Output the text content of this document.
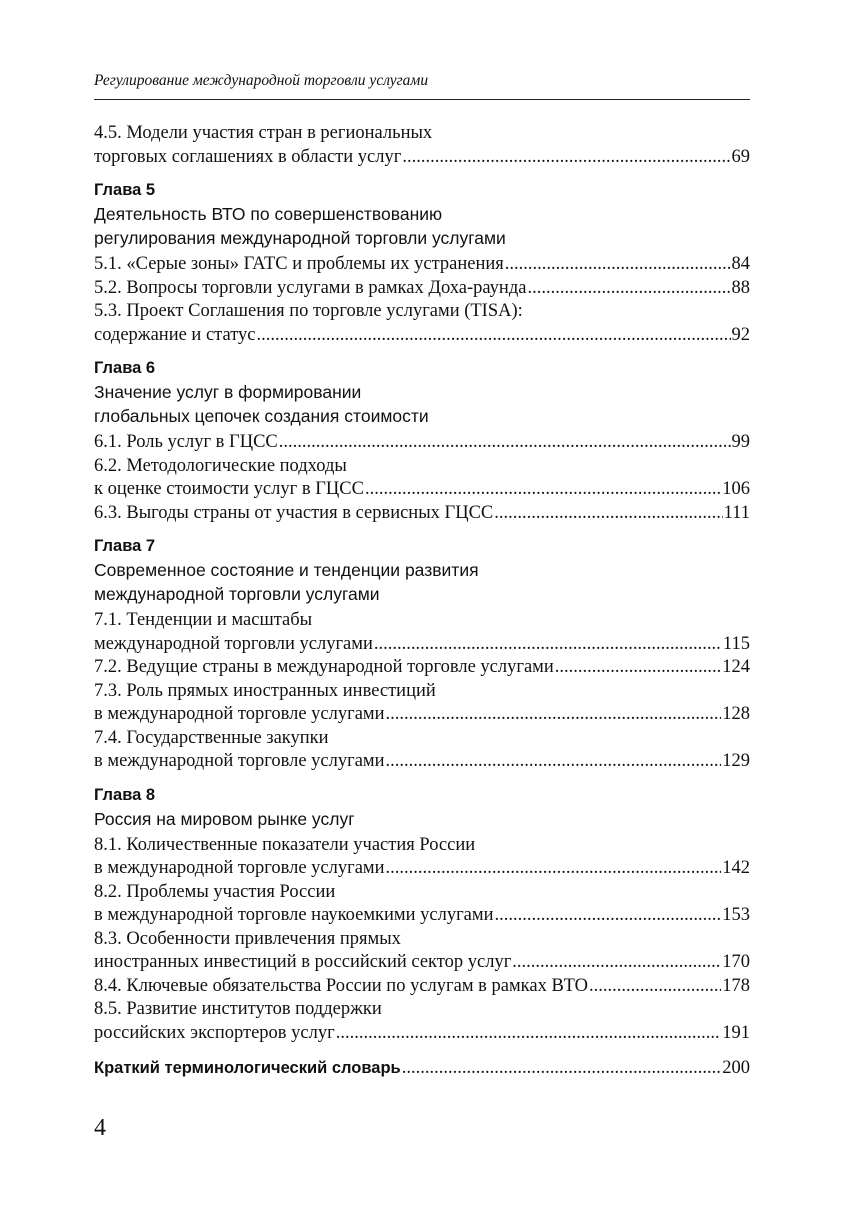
Регулирование международной торговли услугами
4.5. Модели участия стран в региональных
торговых соглашениях в области услуг .....	69
Глава 5
Деятельность ВТО по совершенствованию
регулирования международной торговли услугами
5.1. «Серые зоны» ГАТС и проблемы их устранения .....	84
5.2. Вопросы торговли услугами в рамках Доха-раунда .....	88
5.3. Проект Соглашения по торговле услугами (TISA):
содержание и статус .....	92
Глава 6
Значение услуг в формировании
глобальных цепочек создания стоимости
6.1. Роль услуг в ГЦСС .....	99
6.2. Методологические подходы
к оценке стоимости услуг в ГЦСС .....	106
6.3. Выгоды страны от участия в сервисных ГЦСС .....	111
Глава 7
Современное состояние и тенденции развития
международной торговли услугами
7.1. Тенденции и масштабы
международной торговли услугами .....	115
7.2. Ведущие страны в международной торговле услугами .....	124
7.3. Роль прямых иностранных инвестиций
в международной торговле услугами .....	128
7.4. Государственные закупки
в международной торговле услугами .....	129
Глава 8
Россия на мировом рынке услуг
8.1. Количественные показатели участия России
в международной торговле услугами .....	142
8.2. Проблемы участия России
в международной торговле наукоемкими услугами .....	153
8.3. Особенности привлечения прямых
иностранных инвестиций в российский сектор услуг .....	170
8.4. Ключевые обязательства России по услугам в рамках ВТО .....	178
8.5. Развитие институтов поддержки
российских экспортеров услуг .....	191
Краткий терминологический словарь .....	200
4
